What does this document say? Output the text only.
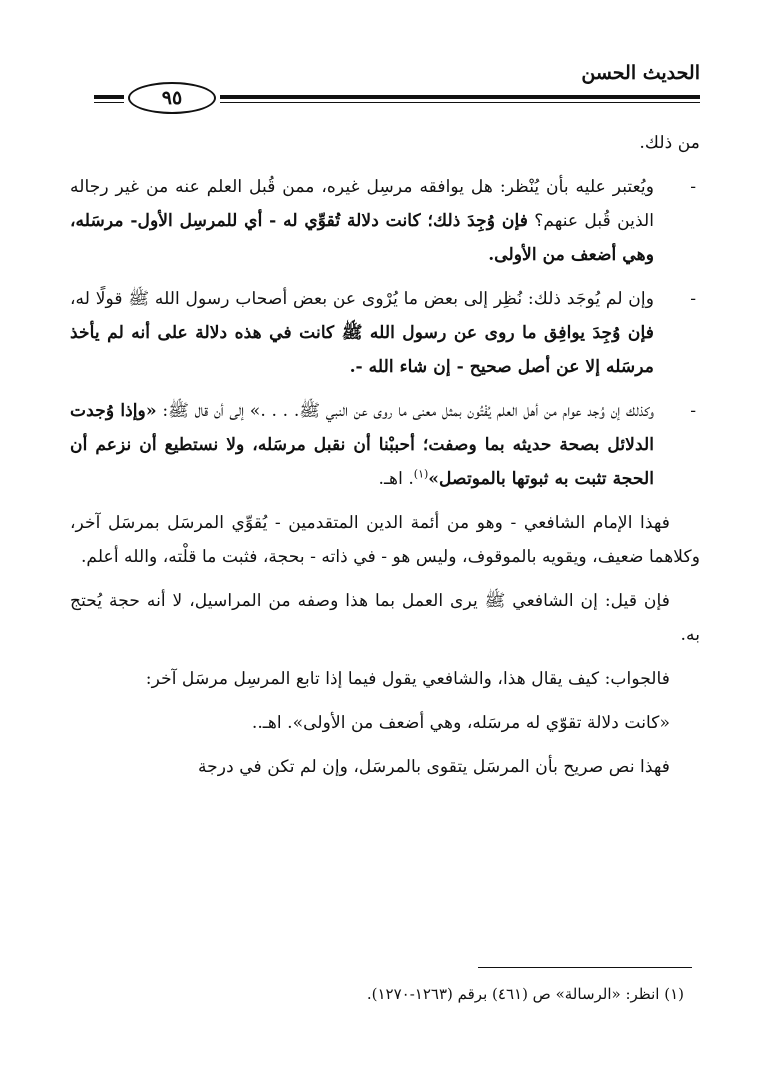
الحديث الحسن
٩٥

من ذلك.

-

ويُعتبر عليه بأن يُنْظر: هل يوافقه مرسِل غيره، ممن قُبل العلم عنه من غير رجاله الذين قُبل عنهم؟ فإن وُجِدَ ذلك؛ كانت دلالة تُقوِّي له - أي للمرسِل الأول- مرسَله، وهي أضعف من الأولى.

-

وإن لم يُوجَد ذلك: نُظِر إلى بعض ما يُرْوى عن بعض أصحاب رسول الله ﷺ قولًا له، فإن وُجِدَ يوافِق ما روى عن رسول الله ﷺ كانت في هذه دلالة على أنه لم يأخذ مرسَله إلا عن أصل صحيح - إن شاء الله -.

-

وكذلك إن وُجد عوام من أهل العلم يُفْتُون بمثل معنى ما روى عن النبي ﷺ. . . .» إلى أن قال ﷺ: «وإذا وُجدت الدلائل بصحة حديثه بما وصفت؛ أحببْنا أن نقبل مرسَله، ولا نستطيع أن نزعم أن الحجة تثبت به ثبوتها بالموتصل»$^{(١)}$. اهـ.

فهذا الإمام الشافعي - وهو من أئمة الدين المتقدمين - يُقوِّي المرسَل بمرسَل آخر، وكلاهما ضعيف، ويقويه بالموقوف، وليس هو - في ذاته - بحجة، فثبت ما قلْته، والله أعلم.

فإن قيل: إن الشافعي ﷺ يرى العمل بما هذا وصفه من المراسيل، لا أنه حجة يُحتج به.

فالجواب: كيف يقال هذا، والشافعي يقول فيما إذا تابع المرسِل مرسَل آخر:

«كانت دلالة تقوّي له مرسَله، وهي أضعف من الأولى». اهـ..

فهذا نص صريح بأن المرسَل يتقوى بالمرسَل، وإن لم تكن في درجة

(١) انظر: «الرسالة» ص (٤٦١) برقم (١٢٦٣-١٢٧٠).
